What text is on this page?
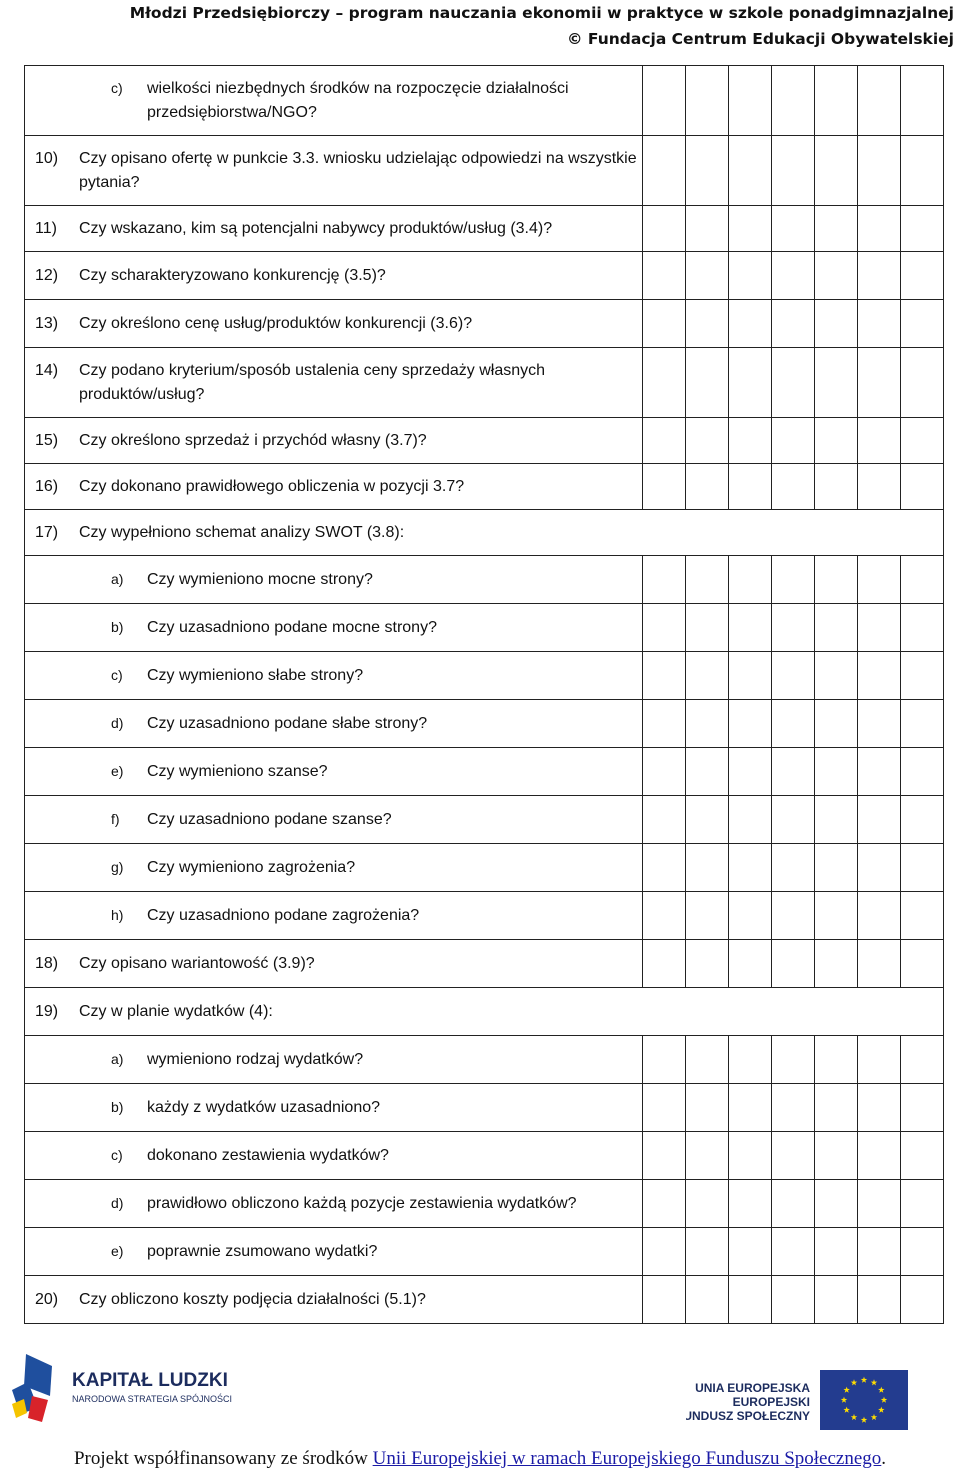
Młodzi Przedsiębiorczy – program nauczania ekonomii w praktyce w szkole ponadgimnazjalnej
© Fundacja Centrum Edukacji Obywatelskiej
c) wielkości niezbędnych środków na rozpoczęcie działalności przedsiębiorstwa/NGO?							

10) Czy opisano ofertę w punkcie 3.3. wniosku udzielając odpowiedzi na wszystkie pytania?							

11) Czy wskazano, kim są potencjalni nabywcy produktów/usług (3.4)?							

12) Czy scharakteryzowano konkurencję (3.5)?							

13) Czy określono cenę usług/produktów konkurencji (3.6)?							

14) Czy podano kryterium/sposób ustalenia ceny sprzedaży własnych produktów/usług?							

15) Czy określono sprzedaż i przychód własny (3.7)?							

16) Czy dokonano prawidłowego obliczenia w pozycji 3.7?							

17) Czy wypełniono schemat analizy SWOT (3.8):							

a) Czy wymieniono mocne strony?							

b) Czy uzasadniono podane mocne strony?							

c) Czy wymieniono słabe strony?							

d) Czy uzasadniono podane słabe strony?							

e) Czy wymieniono szanse?							

f) Czy uzasadniono podane szanse?							

g) Czy wymieniono zagrożenia?							

h) Czy uzasadniono podane zagrożenia?							

18) Czy opisano wariantowość (3.9)?							

19) Czy w planie wydatków (4):							

a) wymieniono rodzaj wydatków?							

b) każdy z wydatków uzasadniono?							

c) dokonano zestawienia wydatków?							

d) prawidłowo obliczono każdą pozycje zestawienia wydatków?							

e) poprawnie zsumowano wydatki?							

20) Czy obliczono koszty podjęcia działalności (5.1)?							

KAPITAŁ LUDZKI
NARODOWA STRATEGIA SPÓJNOŚCI
UNIA EUROPEJSKA
EUROPEJSKI
FUNDUSZ SPOŁECZNY
Projekt współfinansowany ze środków Unii Europejskiej w ramach Europejskiego Funduszu Społecznego.
